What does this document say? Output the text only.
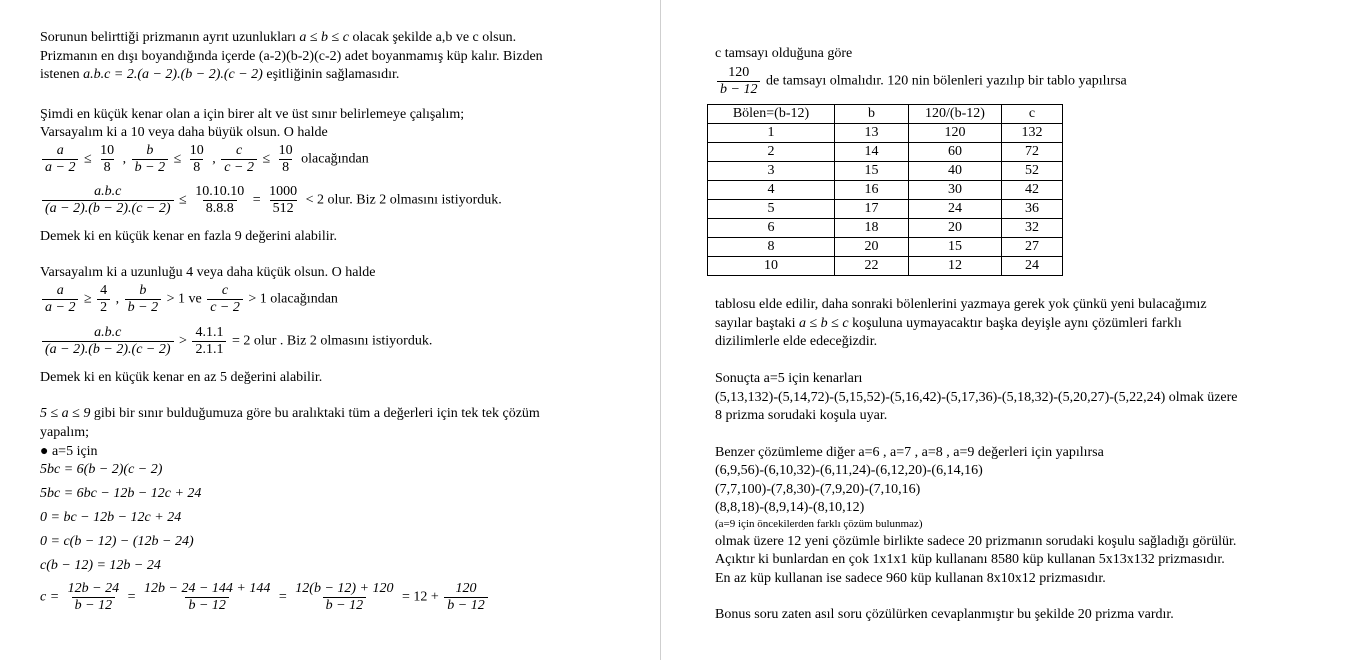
Sorunun belirttiği prizmanın ayrıt uzunlukları a ≤ b ≤ c olacak şekilde a,b ve c olsun.
Prizmanın en dışı boyandığında içerde (a-2)(b-2)(c-2) adet boyanmamış küp kalır. Bizden
istenen a.b.c = 2.(a − 2).(b − 2).(c − 2) eşitliğinin sağlamasıdır.
Şimdi en küçük kenar olan a için birer alt ve üst sınır belirlemeye çalışalım;
Varsayalım ki a 10 veya daha büyük olsun. O halde
$\frac{a}{a - 2} \le \frac{10}{8}$ , $\frac{b}{b - 2} \le \frac{10}{8}$ , $\frac{c}{c - 2} \le \frac{10}{8}$ olacağından
$\frac{a.b.c}{(a - 2).(b - 2).(c - 2)} \le \frac{10.10.10}{8.8.8} = \frac{1000}{512} < 2$ olur. Biz 2 olmasını istiyorduk.
Demek ki en küçük kenar en fazla 9 değerini alabilir.
Varsayalım ki a uzunluğu 4 veya daha küçük olsun. O halde
$\frac{a}{a - 2} \ge \frac{4}{2}$ , $\frac{b}{b - 2} > 1$ ve $\frac{c}{c - 2} > 1$ olacağından
$\frac{a.b.c}{(a - 2).(b - 2).(c - 2)} > \frac{4.1.1}{2.1.1} = 2$ olur . Biz 2 olmasını istiyorduk.
Demek ki en küçük kenar en az 5 değerini alabilir.
5 ≤ a ≤ 9 gibi bir sınır bulduğumuza göre bu aralıktaki tüm a değerleri için tek tek çözüm
yapalım;
● a=5 için
5bc = 6(b − 2)(c − 2)
5bc = 6bc − 12b − 12c + 24
0 = bc − 12b − 12c + 24
0 = c(b − 12) − (12b − 24)
c(b − 12) = 12b − 24
$c = \frac{12b - 24}{b - 12} = \frac{12b - 24 - 144 + 144}{b - 12} = \frac{12(b - 12) + 120}{b - 12} = 12 + \frac{120}{b - 12}$
c tamsayı olduğuna göre
$\frac{120}{b - 12}$ de tamsayı olmalıdır. 120 nin bölenleri yazılıp bir tablo yapılırsa
Bölen=(b-12)	b	120/(b-12)	c
1	13	120	132
2	14	60	72
3	15	40	52
4	16	30	42
5	17	24	36
6	18	20	32
8	20	15	27
10	22	12	24
tablosu elde edilir, daha sonraki bölenlerini yazmaya gerek yok çünkü yeni bulacağımız
sayılar baştaki a ≤ b ≤ c koşuluna uymayacaktır başka deyişle aynı çözümleri farklı
dizilimlerle elde edeceğizdir.
Sonuçta a=5 için kenarları
(5,13,132)-(5,14,72)-(5,15,52)-(5,16,42)-(5,17,36)-(5,18,32)-(5,20,27)-(5,22,24) olmak üzere
8 prizma sorudaki koşula uyar.
Benzer çözümleme diğer a=6 , a=7 , a=8 , a=9 değerleri için yapılırsa
(6,9,56)-(6,10,32)-(6,11,24)-(6,12,20)-(6,14,16)
(7,7,100)-(7,8,30)-(7,9,20)-(7,10,16)
(8,8,18)-(8,9,14)-(8,10,12)
(a=9 için öncekilerden farklı çözüm bulunmaz)
olmak üzere 12 yeni çözümle birlikte sadece 20 prizmanın sorudaki koşulu sağladığı görülür.
Açıktır ki bunlardan en çok 1x1x1 küp kullananı 8580 küp kullanan 5x13x132 prizmasıdır.
En az küp kullanan ise sadece 960 küp kullanan 8x10x12 prizmasıdır.
Bonus soru zaten asıl soru çözülürken cevaplanmıştır bu şekilde 20 prizma vardır.
